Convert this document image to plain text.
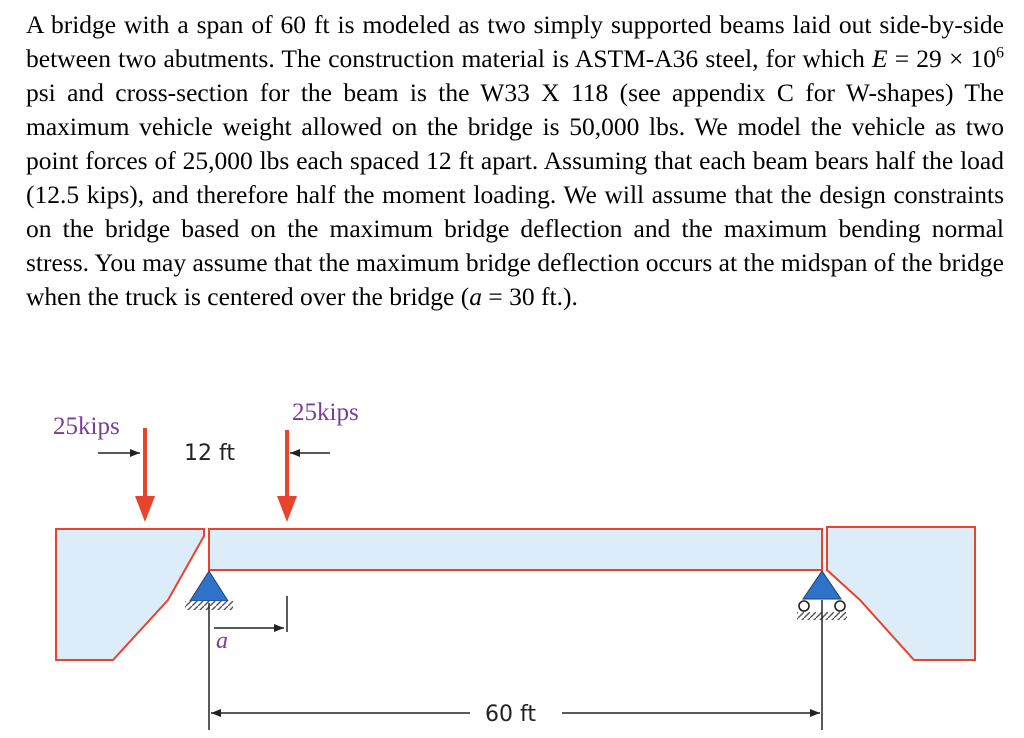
A bridge with a span of 60 ft is modeled as two simply supported beams laid out side-by-side between two abutments. The construction material is ASTM-A36 steel, for which $E = 29 \times 10^6$ psi and cross-section for the beam is the W33 X 118 (see appendix C for W-shapes) The maximum vehicle weight allowed on the bridge is 50,000 lbs. We model the vehicle as two point forces of 25,000 lbs each spaced 12 ft apart. Assuming that each beam bears half the load (12.5 kips), and therefore half the moment loading. We will assume that the design constraints on the bridge based on the maximum bridge deflection and the maximum bending normal stress. You may assume that the maximum bridge deflection occurs at the midspan of the bridge when the truck is centered over the bridge (a = 30 ft.).

25kips
25kips
12 ft
a
60 ft
